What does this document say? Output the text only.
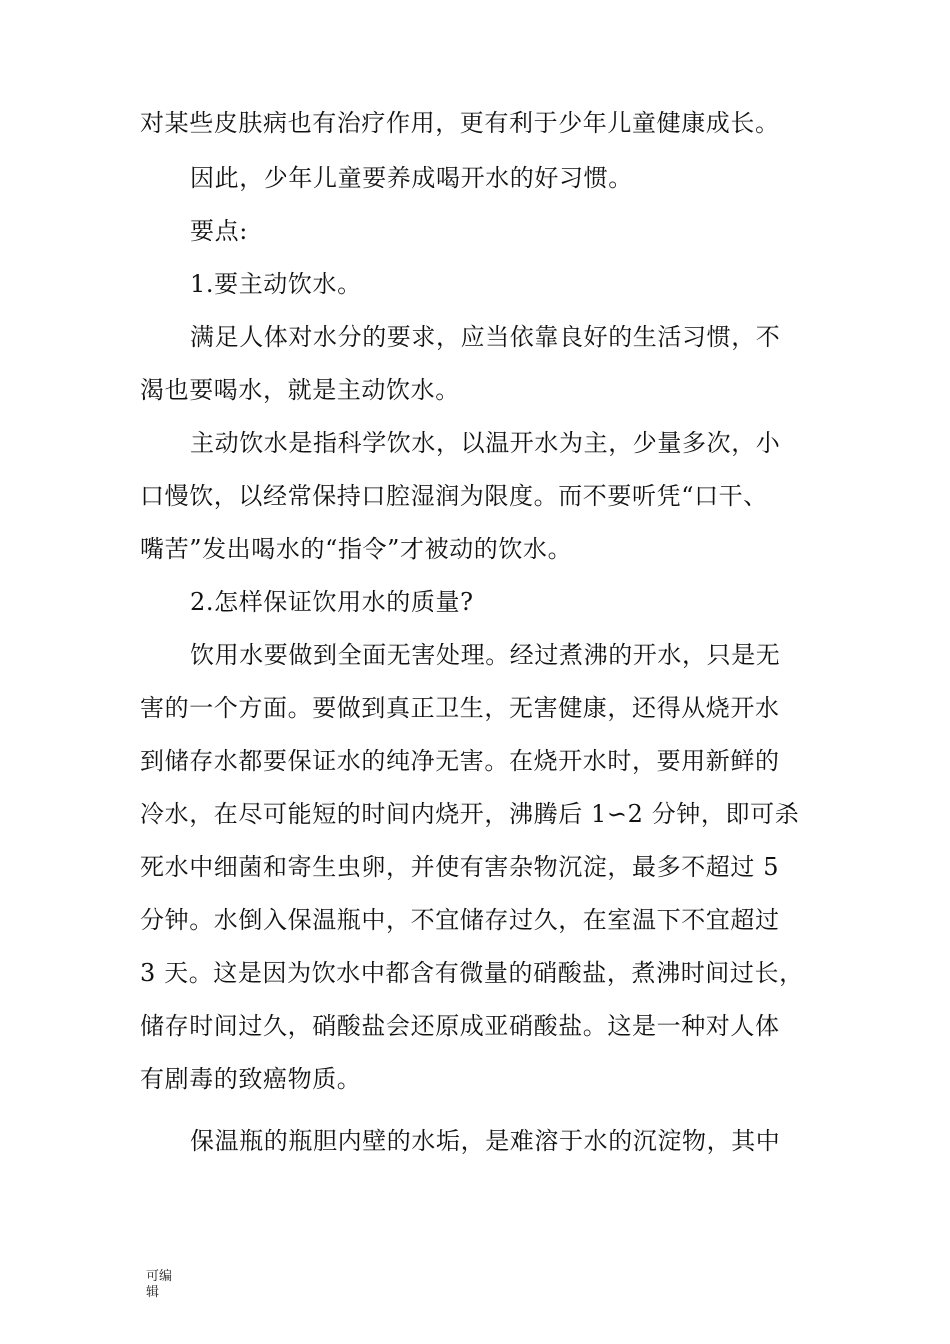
对某些皮肤病也有治疗作用，更有利于少年儿童健康成长。
因此，少年儿童要养成喝开水的好习惯。
要点:
1.要主动饮水。
满足人体对水分的要求，应当依靠良好的生活习惯，不
渴也要喝水，就是主动饮水。
主动饮水是指科学饮水，以温开水为主，少量多次，小
口慢饮，以经常保持口腔湿润为限度。而不要听凭“口干、
嘴苦”发出喝水的“指令”才被动的饮水。
2.怎样保证饮用水的质量?
饮用水要做到全面无害处理。经过煮沸的开水，只是无
害的一个方面。要做到真正卫生，无害健康，还得从烧开水
到储存水都要保证水的纯净无害。在烧开水时，要用新鲜的
冷水，在尽可能短的时间内烧开，沸腾后 1∽2 分钟，即可杀
死水中细菌和寄生虫卵，并使有害杂物沉淀，最多不超过 5
分钟。水倒入保温瓶中，不宜储存过久，在室温下不宜超过
3 天。这是因为饮水中都含有微量的硝酸盐，煮沸时间过长，
储存时间过久，硝酸盐会还原成亚硝酸盐。这是一种对人体
有剧毒的致癌物质。
保温瓶的瓶胆内壁的水垢，是难溶于水的沉淀物，其中
可编
辑
